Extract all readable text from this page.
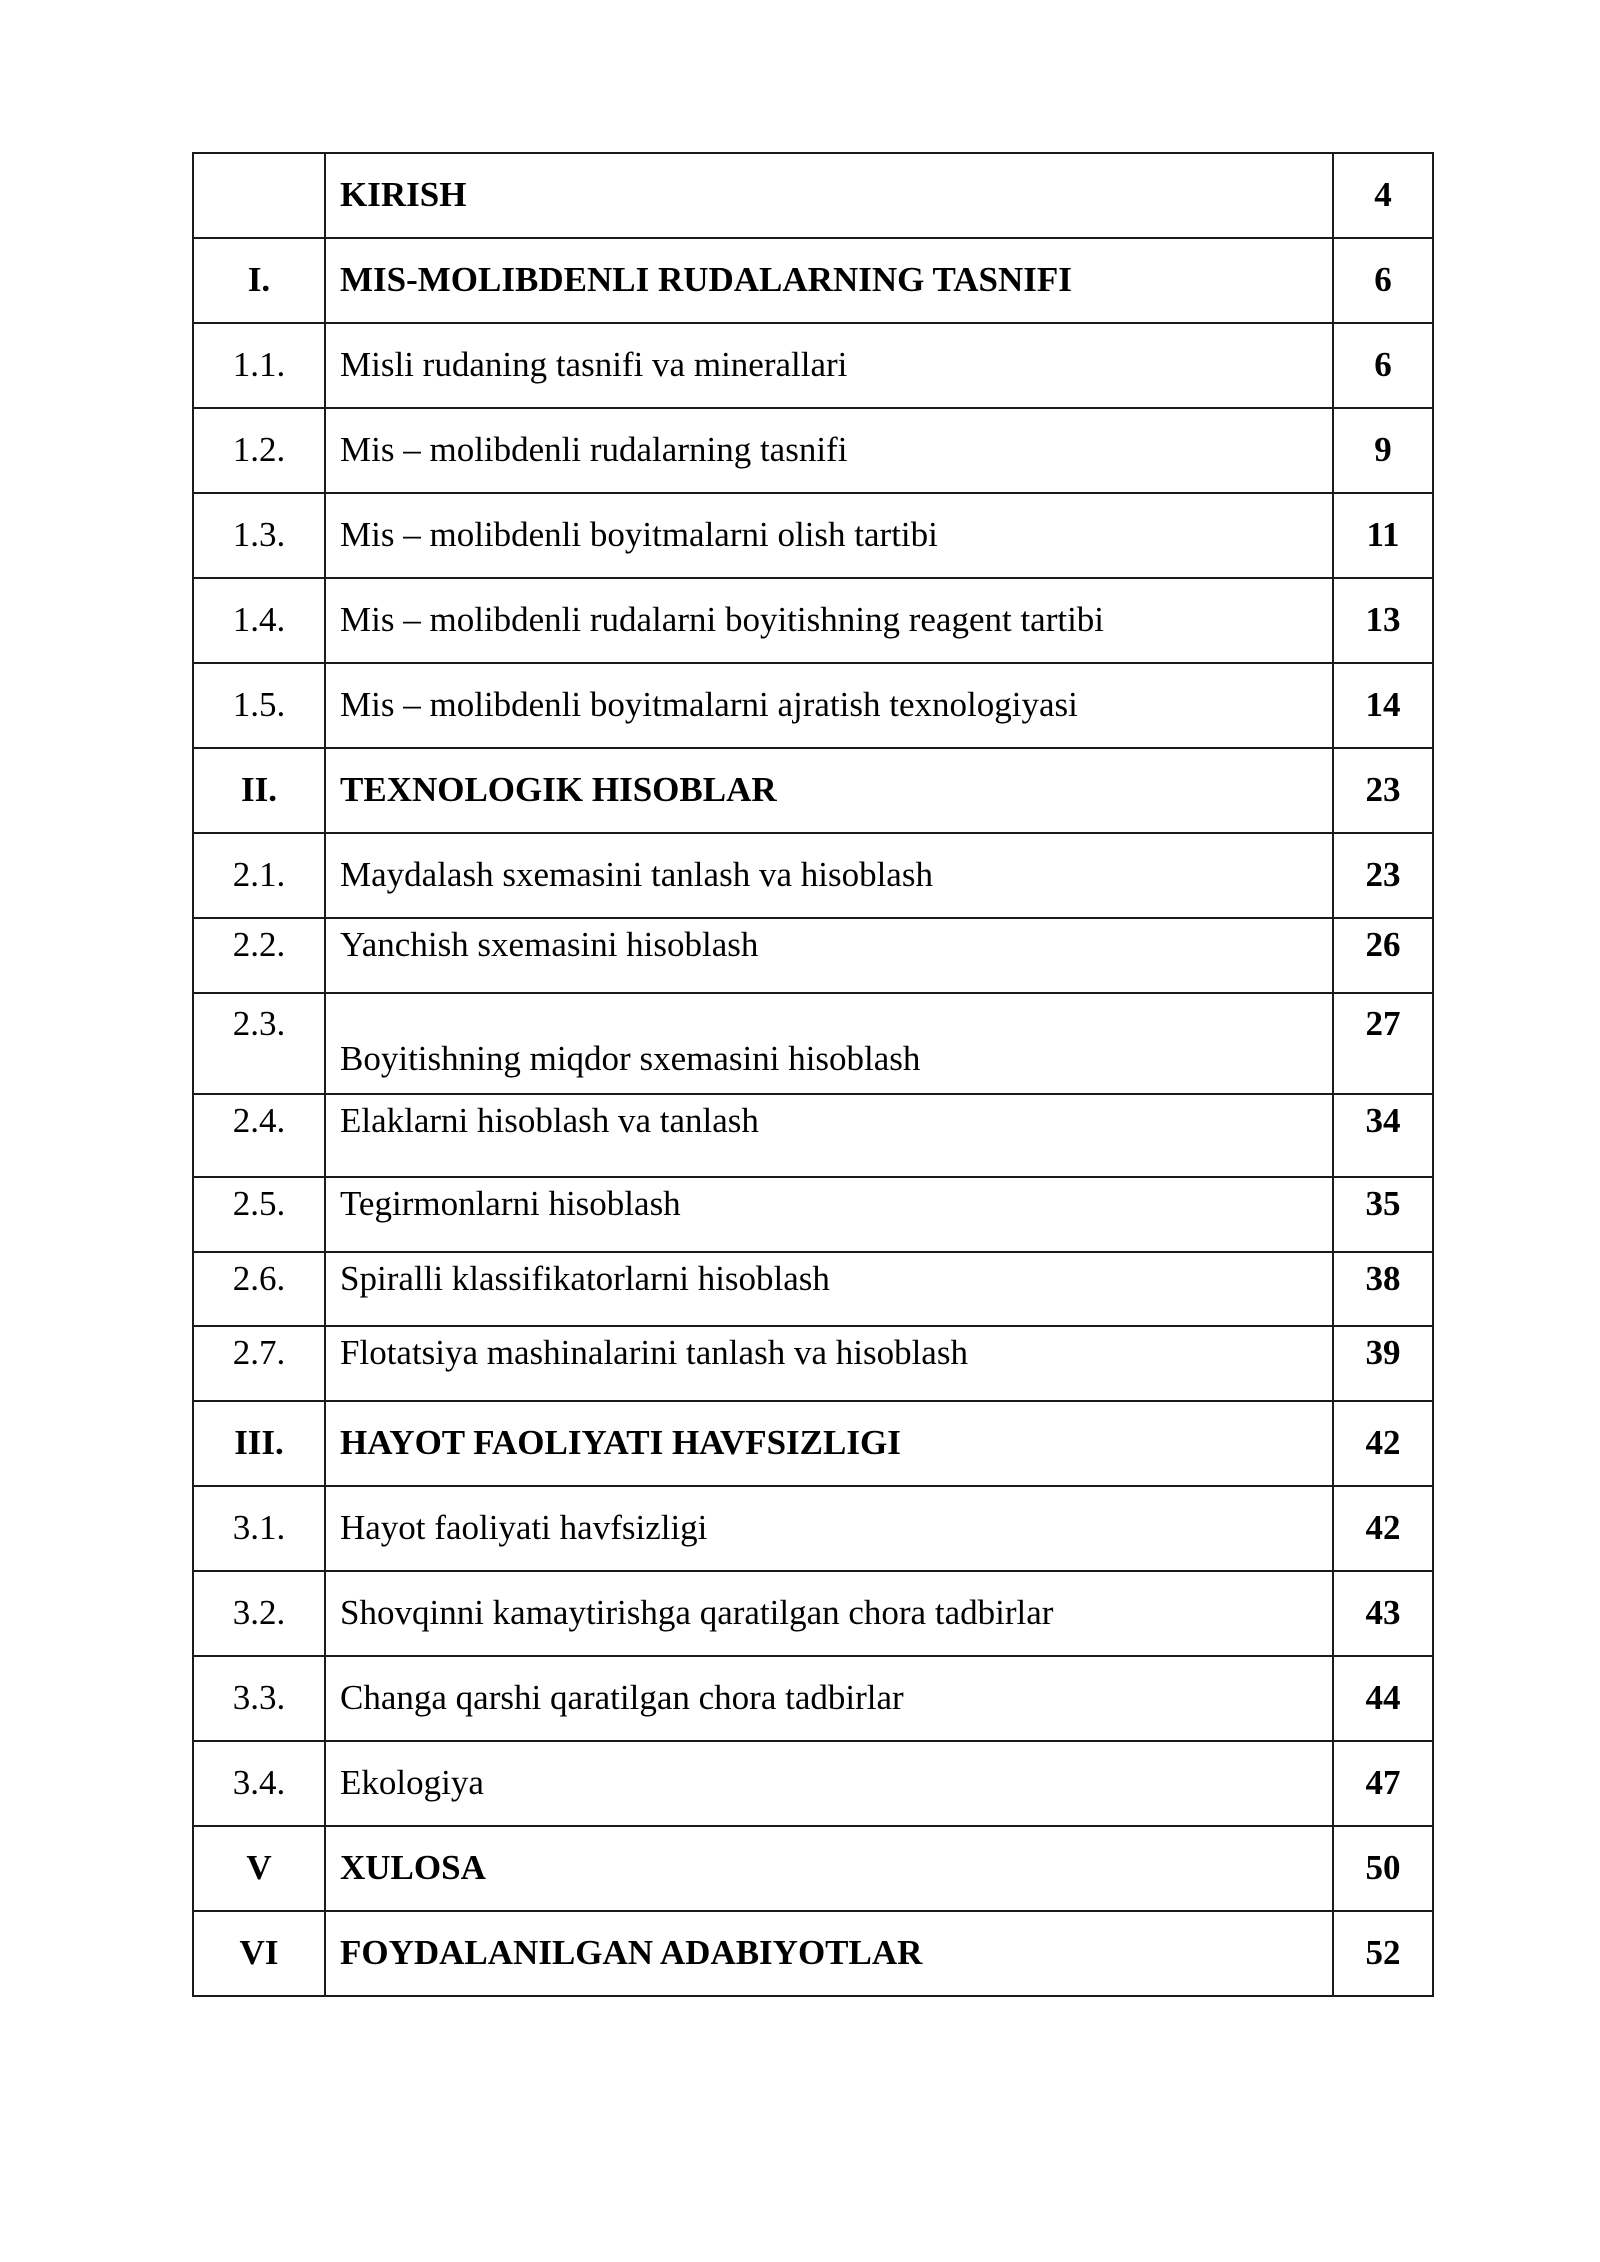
	KIRISH	4
I.	MIS-MOLIBDENLI RUDALARNING TASNIFI	6
1.1.	Misli rudaning tasnifi va minerallari	6
1.2.	Mis – molibdenli rudalarning tasnifi	9
1.3.	Mis – molibdenli boyitmalarni olish tartibi	11
1.4.	Mis – molibdenli rudalarni boyitishning reagent tartibi	13
1.5.	Mis – molibdenli boyitmalarni ajratish texnologiyasi	14
II.	TEXNOLOGIK HISOBLAR	23
2.1.	Maydalash sxemasini tanlash va hisoblash	23
2.2.	Yanchish sxemasini hisoblash	26
2.3.	Boyitishning miqdor sxemasini hisoblash	27
2.4.	Elaklarni hisoblash va tanlash	34
2.5.	Tegirmonlarni hisoblash	35
2.6.	Spiralli klassifikatorlarni hisoblash	38
2.7.	Flotatsiya mashinalarini tanlash va hisoblash	39
III.	HAYOT FAOLIYATI HAVFSIZLIGI	42
3.1.	Hayot faoliyati havfsizligi	42
3.2.	Shovqinni kamaytirishga qaratilgan chora tadbirlar	43
3.3.	Changa qarshi qaratilgan chora tadbirlar	44
3.4.	Ekologiya	47
V	XULOSA	50
VI	FOYDALANILGAN ADABIYOTLAR	52
